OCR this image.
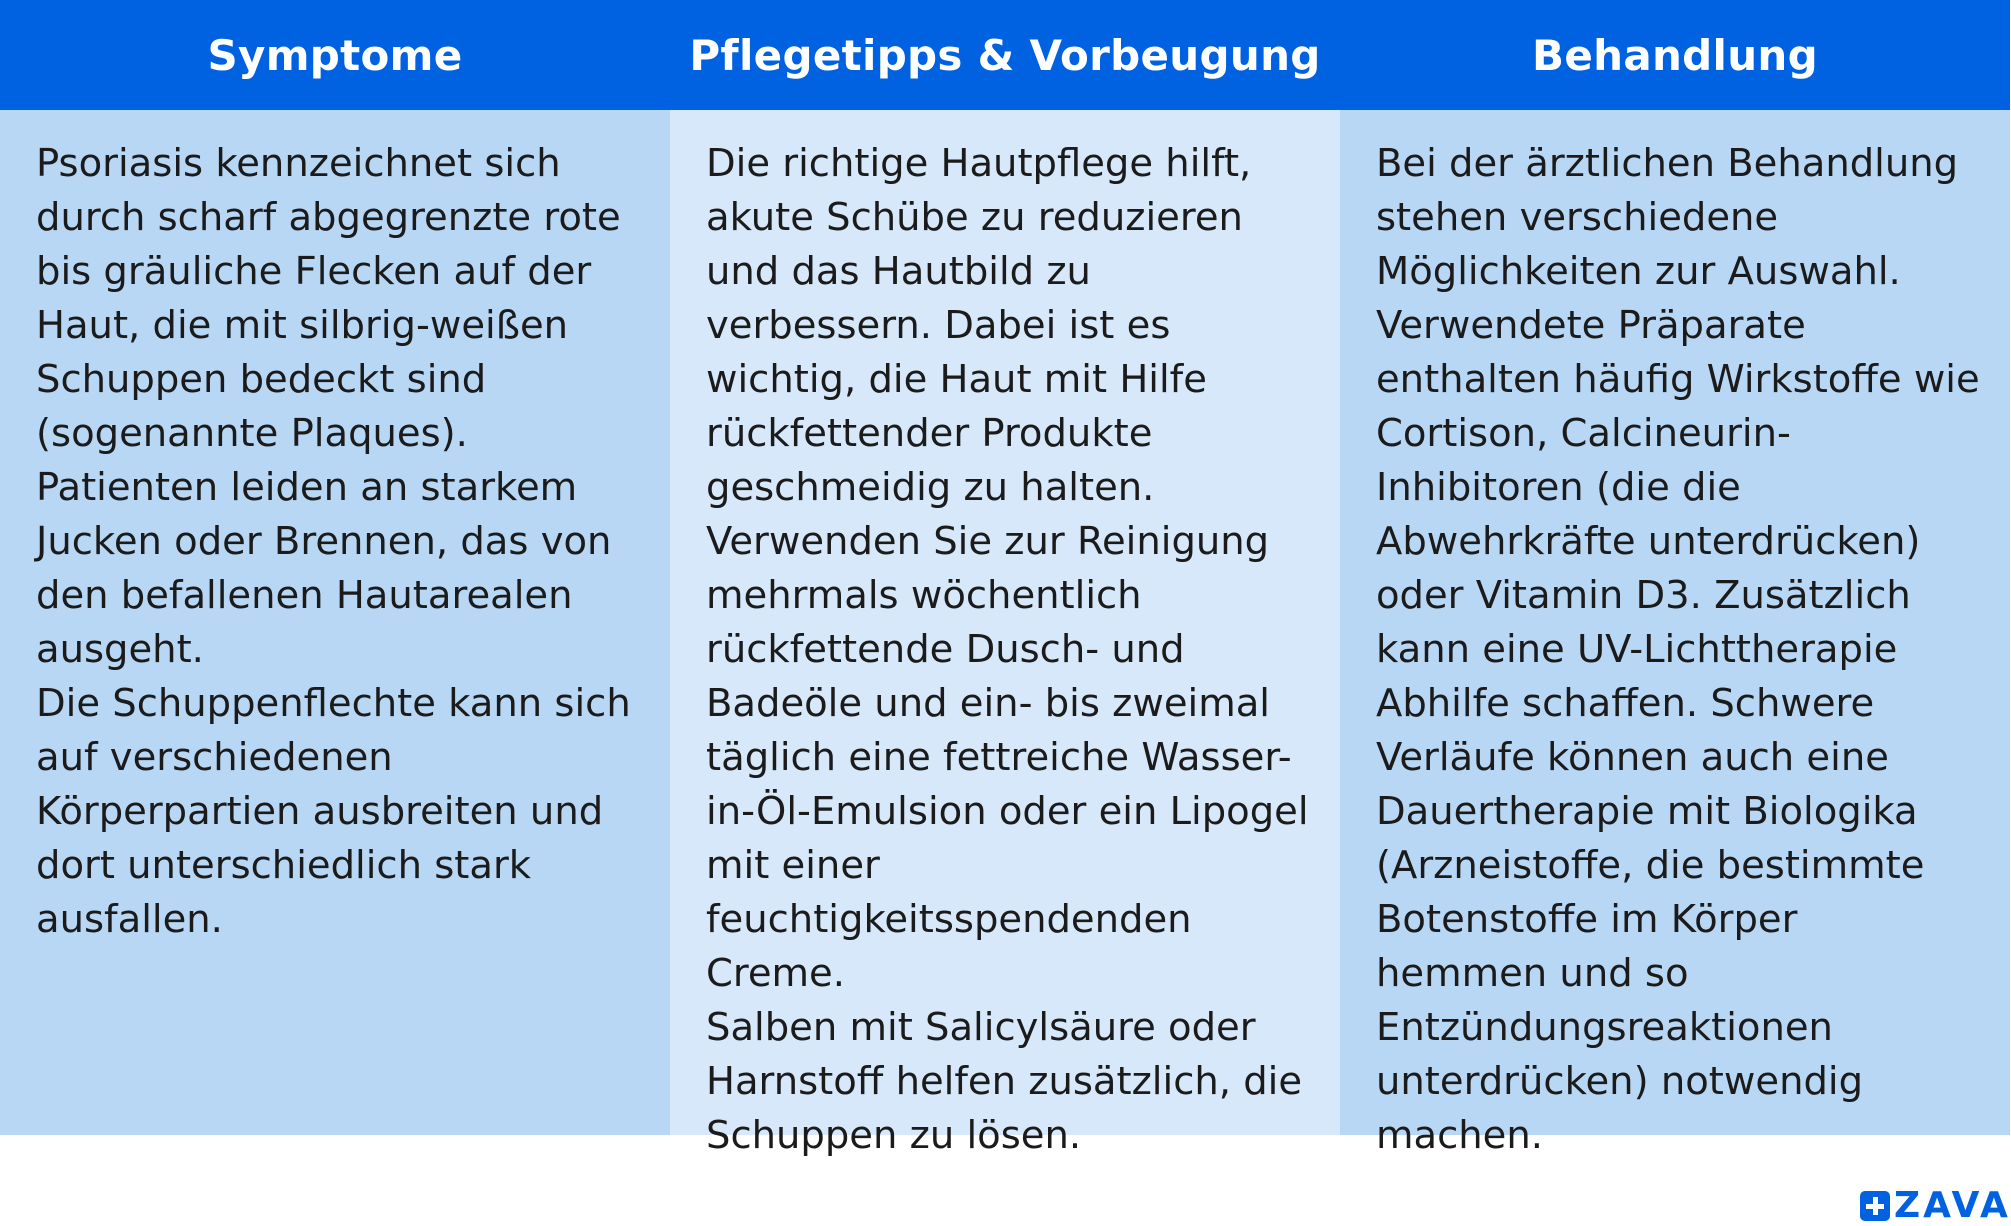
Symptome	Pflegetipps & Vorbeugung	Behandlung

Psoriasis kennzeichnet sich durch scharf abgegrenzte rote bis gräuliche Flecken auf der Haut, die mit silbrig-weißen Schuppen bedeckt sind (sogenannte Plaques).

Patienten leiden an starkem Jucken oder Brennen, das von den befallenen Hautarealen ausgeht.

Die Schuppenflechte kann sich auf verschiedenen Körperpartien ausbreiten und dort unterschiedlich stark ausfallen.

Die richtige Hautpflege hilft, akute Schübe zu reduzieren und das Hautbild zu verbessern. Dabei ist es wichtig, die Haut mit Hilfe rückfettender Produkte geschmeidig zu halten. Verwenden Sie zur Reinigung mehrmals wöchentlich rückfettende Dusch- und Badeöle und ein- bis zweimal täglich eine fettreiche Wasser-in-Öl-Emulsion oder ein Lipogel mit einer feuchtigkeitsspendenden Creme.

Salben mit Salicylsäure oder Harnstoff helfen zusätzlich, die Schuppen zu lösen.

Bei der ärztlichen Behandlung stehen verschiedene Möglichkeiten zur Auswahl. Verwendete Präparate enthalten häufig Wirkstoffe wie Cortison, Calcineurin-Inhibitoren (die die Abwehrkräfte unterdrücken) oder Vitamin D3. Zusätzlich kann eine UV-Lichttherapie Abhilfe schaffen. Schwere Verläufe können auch eine Dauertherapie mit Biologika (Arzneistoffe, die bestimmte Botenstoffe im Körper hemmen und so Entzündungsreaktionen unterdrücken) notwendig machen.

ZAVA
